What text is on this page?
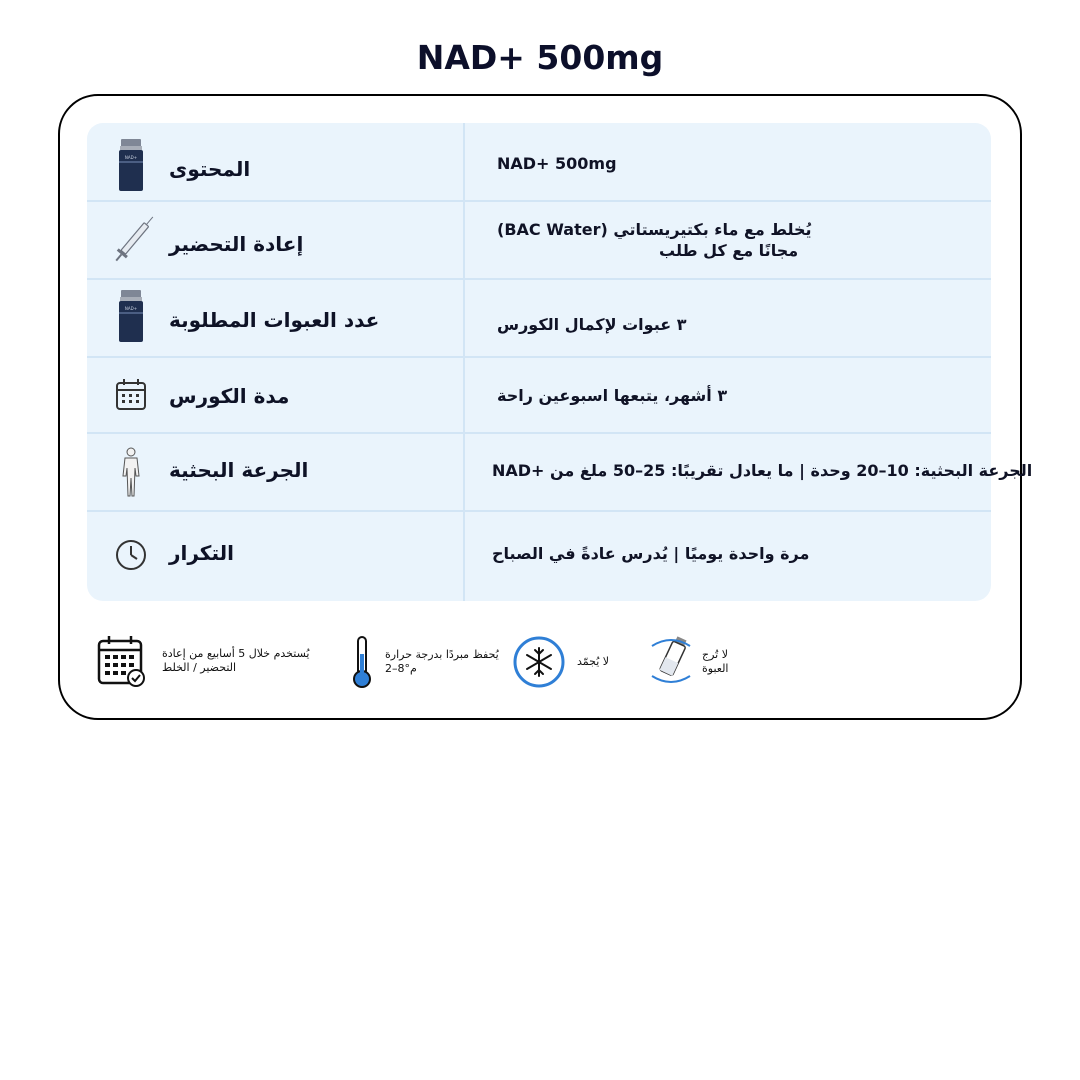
NAD+ 500mg
NAD+ 500mg
المحتوى
NAD+
(BAC Water) يُخلط مع ماء بكتيريستاتي
مجانًا مع كل طلب
إعادة التحضير
٣ عبوات لإكمال الكورس
عدد العبوات المطلوبة
NAD+
٣ أشهر، يتبعها اسبوعين راحة
مدة الكورس
NAD+ الجرعة البحثية: 10–20 وحدة | ما يعادل تقريبًا: 25–50 ملغ من
الجرعة البحثية
مرة واحدة يوميًا | يُدرس عادةً في الصباح
التكرار
يُستخدم خلال 5 أسابيع من إعادة
التحضير / الخلط
يُحفظ مبردًا بدرجة حرارة
2–8°م
لا يُجمّد
لا تُرج
العبوة
